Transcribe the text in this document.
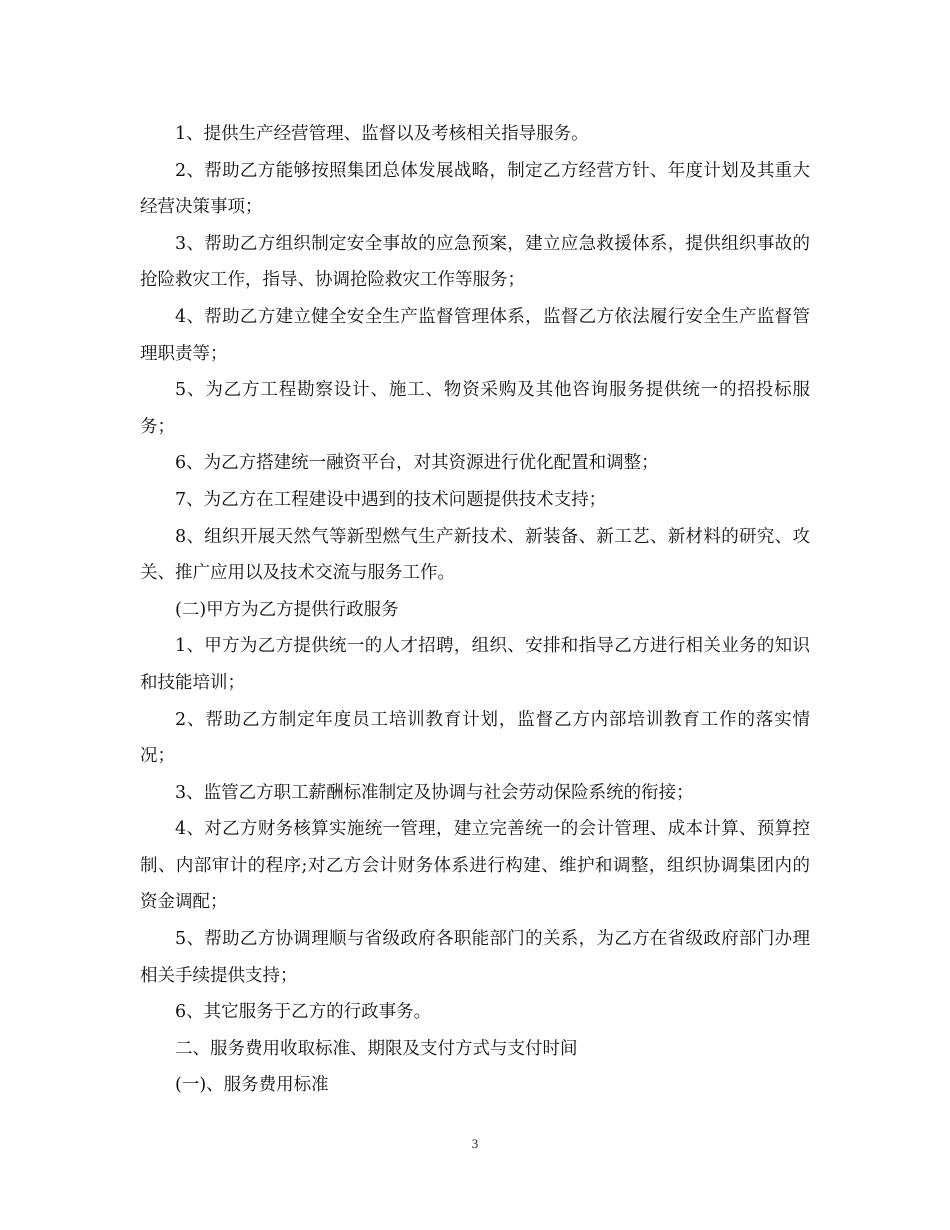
1、提供生产经营管理、监督以及考核相关指导服务。

2、帮助乙方能够按照集团总体发展战略，制定乙方经营方针、年度计划及其重大经营决策事项；

3、帮助乙方组织制定安全事故的应急预案，建立应急救援体系，提供组织事故的抢险救灾工作，指导、协调抢险救灾工作等服务；

4、帮助乙方建立健全安全生产监督管理体系，监督乙方依法履行安全生产监督管理职责等；

5、为乙方工程勘察设计、施工、物资采购及其他咨询服务提供统一的招投标服务；

6、为乙方搭建统一融资平台，对其资源进行优化配置和调整；

7、为乙方在工程建设中遇到的技术问题提供技术支持；

8、组织开展天然气等新型燃气生产新技术、新装备、新工艺、新材料的研究、攻关、推广应用以及技术交流与服务工作。

(二)甲方为乙方提供行政服务

1、甲方为乙方提供统一的人才招聘，组织、安排和指导乙方进行相关业务的知识和技能培训；

2、帮助乙方制定年度员工培训教育计划，监督乙方内部培训教育工作的落实情况；

3、监管乙方职工薪酬标准制定及协调与社会劳动保险系统的衔接；

4、对乙方财务核算实施统一管理，建立完善统一的会计管理、成本计算、预算控制、内部审计的程序;对乙方会计财务体系进行构建、维护和调整，组织协调集团内的资金调配；

5、帮助乙方协调理顺与省级政府各职能部门的关系，为乙方在省级政府部门办理相关手续提供支持；

6、其它服务于乙方的行政事务。

二、服务费用收取标准、期限及支付方式与支付时间

(一)、服务费用标准

3
